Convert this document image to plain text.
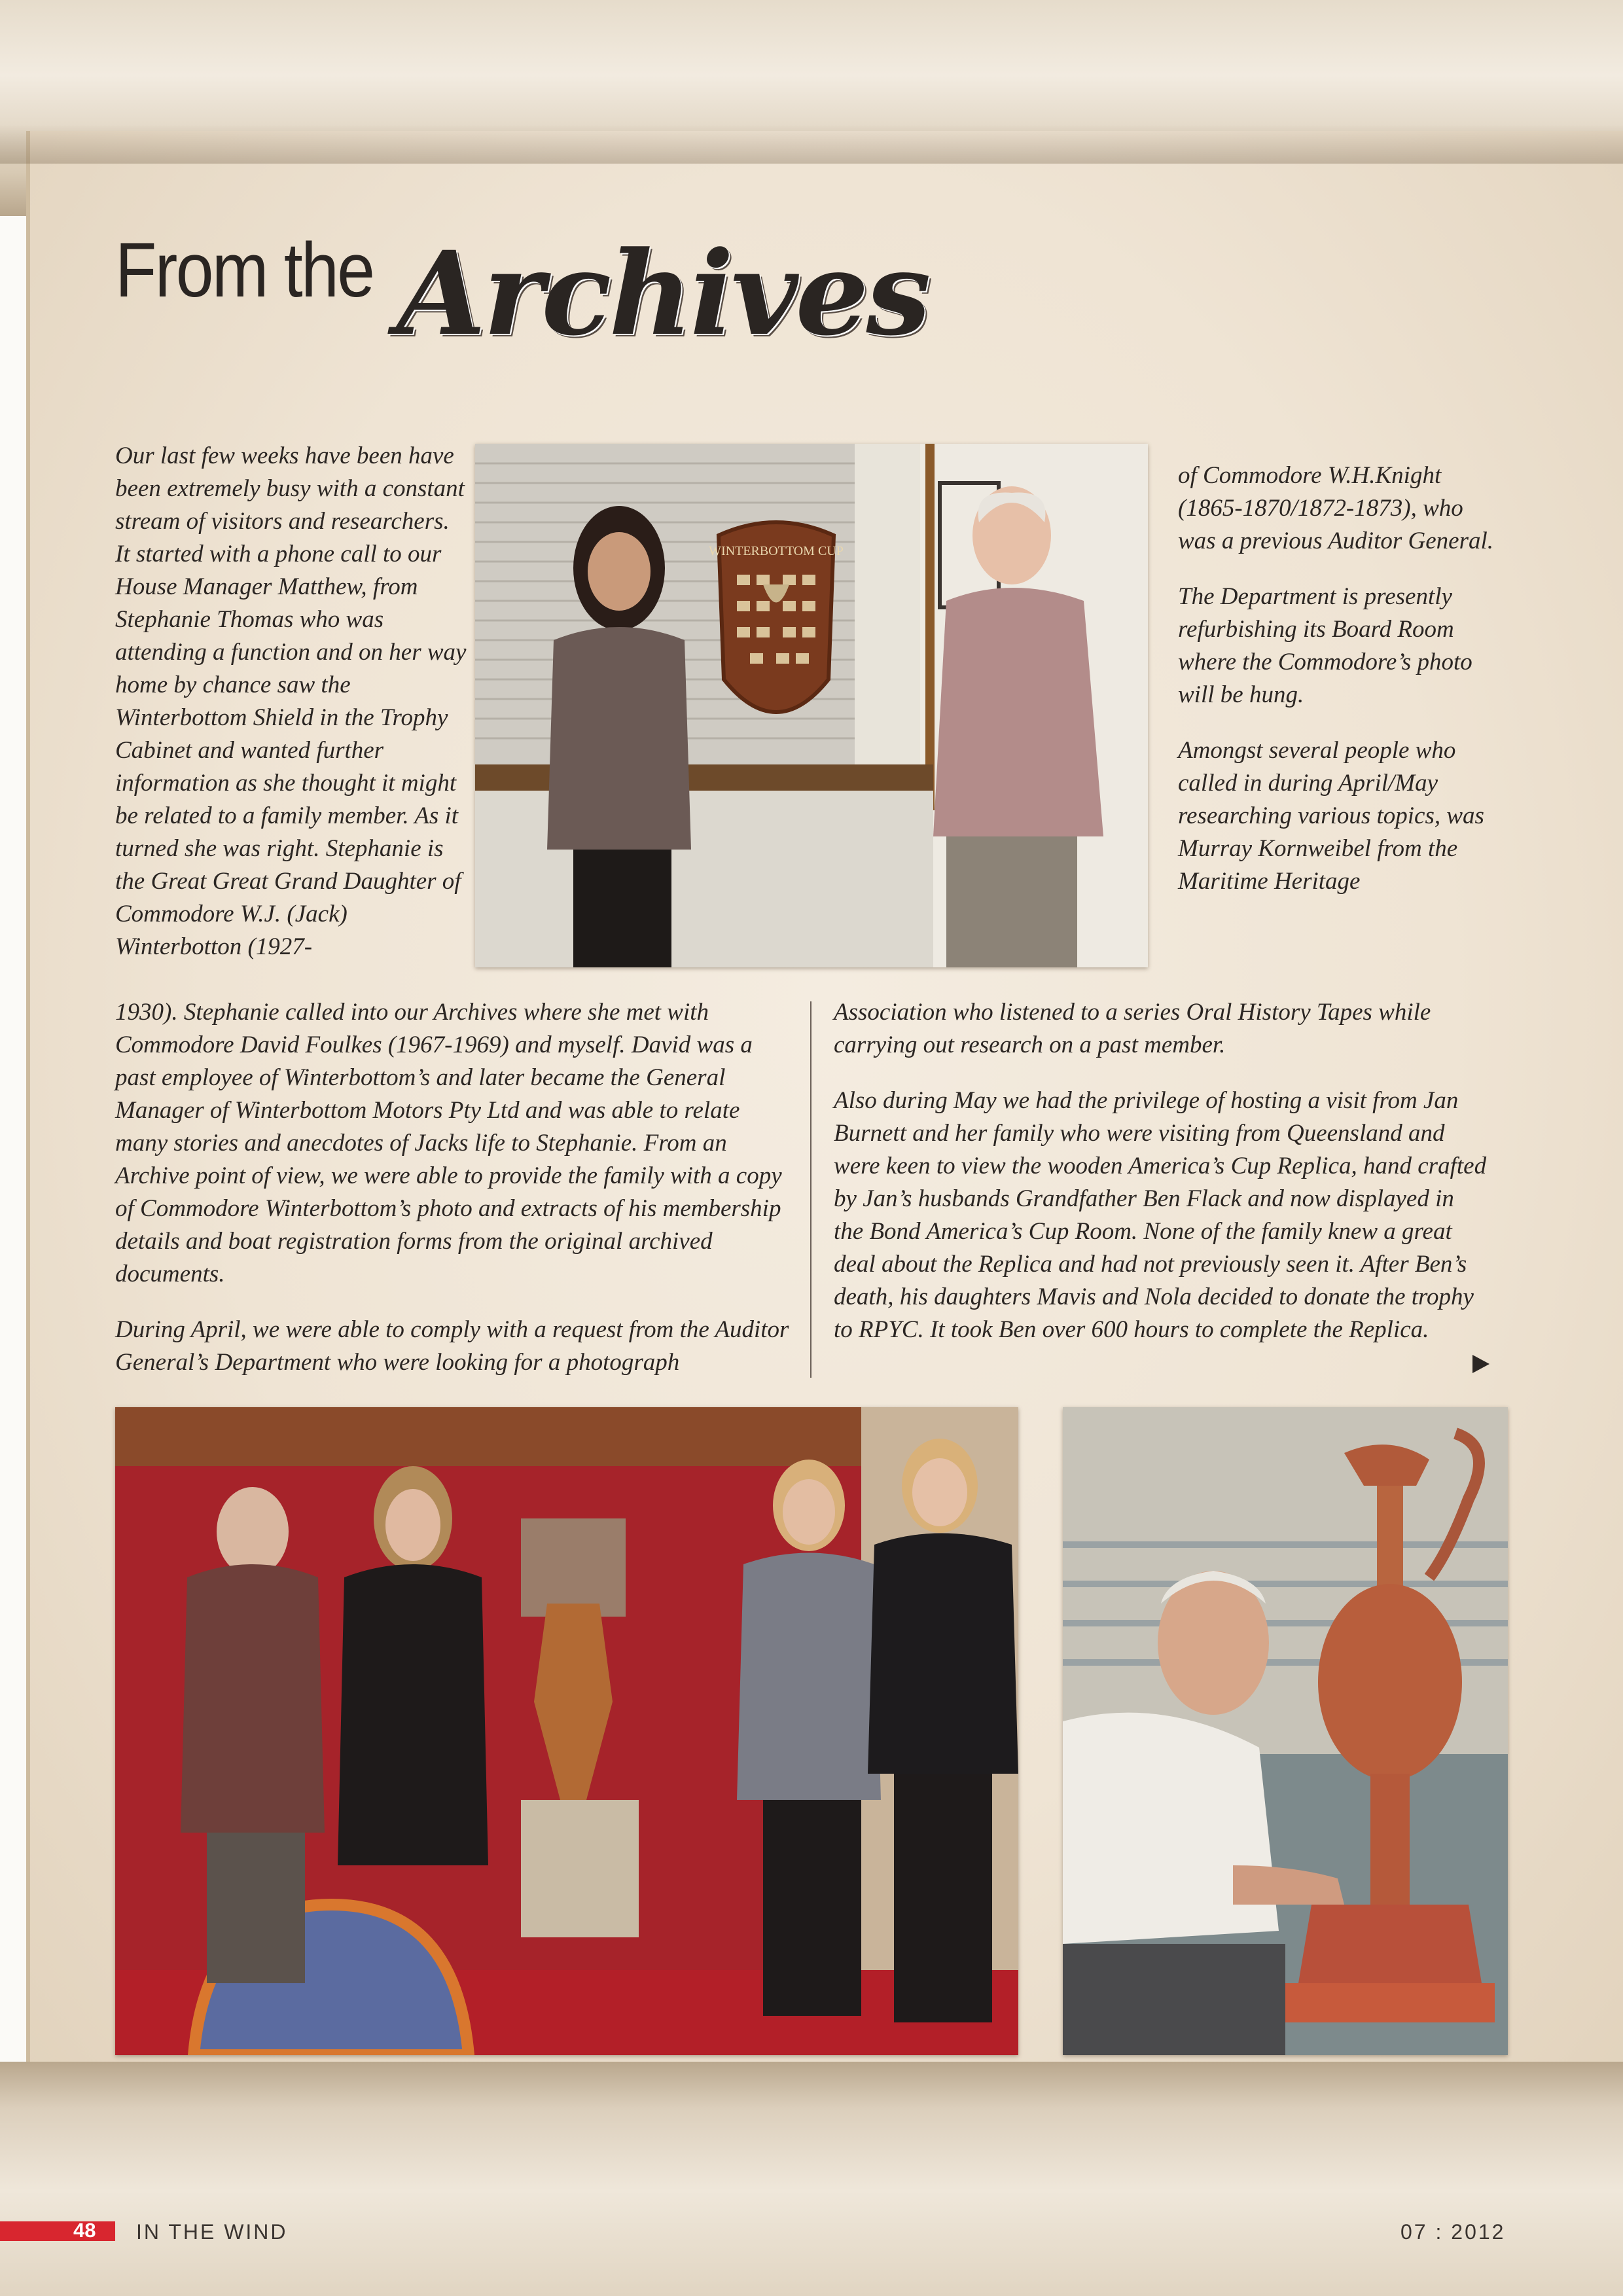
From the Archives

Our last few weeks have been have been extremely busy with a constant stream of visitors and researchers. It started with a phone call to our House Manager Matthew, from Stephanie Thomas who was attending a function and on her way home by chance saw the Winterbottom Shield in the Trophy Cabinet and wanted further information as she thought it might be related to a family member. As it turned she was right. Stephanie is the Great Great Grand Daughter of Commodore W.J. (Jack) Winterbotton (1927-

WINTERBOTTOM CUP

of Commodore W.H.Knight (1865-1870/1872-1873), who was a previous Auditor General.

The Department is presently refurbishing its Board Room where the Commodore’s photo will be hung.

Amongst several people who called in during April/May researching various topics, was Murray Kornweibel from the Maritime Heritage

1930). Stephanie called into our Archives where she met with Commodore David Foulkes (1967-1969) and myself. David was a past employee of Winterbottom’s and later became the General Manager of Winterbottom Motors Pty Ltd and was able to relate many stories and anecdotes of Jacks life to Stephanie. From an Archive point of view, we were able to provide the family with a copy of Commodore Winterbottom’s photo and extracts of his membership details and boat registration forms from the original archived documents.

During April, we were able to comply with a request from the Auditor General’s Department who were looking for a photograph

Association who listened to a series Oral History Tapes while carrying out research on a past member.

Also during May we had the privilege of hosting a visit from Jan Burnett and her family who were visiting from Queensland and were keen to view the wooden America’s Cup Replica, hand crafted by Jan’s husbands Grandfather Ben Flack and now displayed in the Bond America’s Cup Room. None of the family knew a great deal about the Replica and had not previously seen it. After Ben’s death, his daughters Mavis and Nola decided to donate the trophy to RPYC. It took Ben over 600 hours to complete the Replica.

48 IN THE WIND	07 : 2012
